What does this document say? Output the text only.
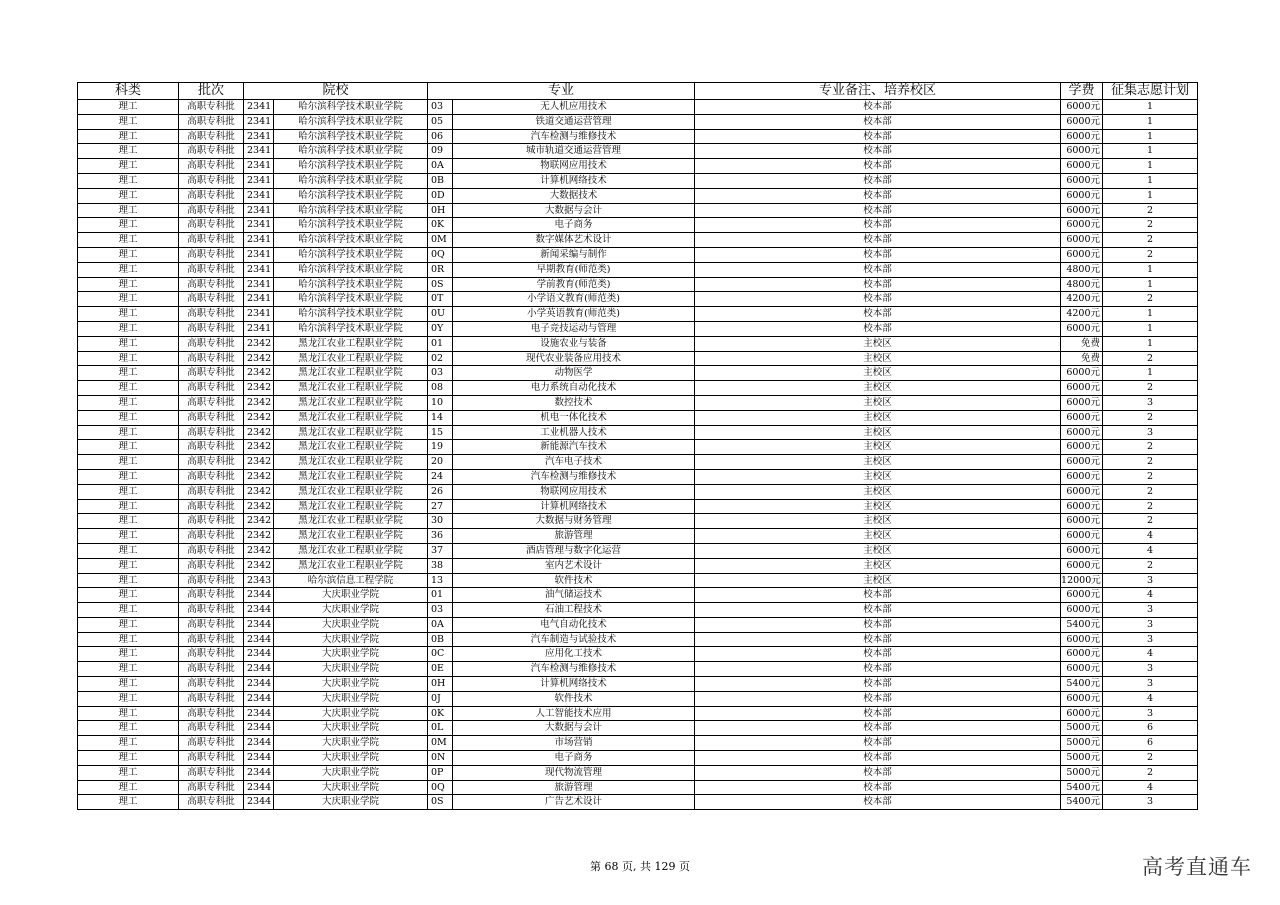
科类	批次	院校		专业		专业备注、培养校区	学费	征集志愿计划
理工	高职专科批	2341	哈尔滨科学技术职业学院	03	无人机应用技术	校本部	6000元	1
理工	高职专科批	2341	哈尔滨科学技术职业学院	05	铁道交通运营管理	校本部	6000元	1
理工	高职专科批	2341	哈尔滨科学技术职业学院	06	汽车检测与维修技术	校本部	6000元	1
理工	高职专科批	2341	哈尔滨科学技术职业学院	09	城市轨道交通运营管理	校本部	6000元	1
理工	高职专科批	2341	哈尔滨科学技术职业学院	0A	物联网应用技术	校本部	6000元	1
理工	高职专科批	2341	哈尔滨科学技术职业学院	0B	计算机网络技术	校本部	6000元	1
理工	高职专科批	2341	哈尔滨科学技术职业学院	0D	大数据技术	校本部	6000元	1
理工	高职专科批	2341	哈尔滨科学技术职业学院	0H	大数据与会计	校本部	6000元	2
理工	高职专科批	2341	哈尔滨科学技术职业学院	0K	电子商务	校本部	6000元	2
理工	高职专科批	2341	哈尔滨科学技术职业学院	0M	数字媒体艺术设计	校本部	6000元	2
理工	高职专科批	2341	哈尔滨科学技术职业学院	0Q	新闻采编与制作	校本部	6000元	2
理工	高职专科批	2341	哈尔滨科学技术职业学院	0R	早期教育(师范类)	校本部	4800元	1
理工	高职专科批	2341	哈尔滨科学技术职业学院	0S	学前教育(师范类)	校本部	4800元	1
理工	高职专科批	2341	哈尔滨科学技术职业学院	0T	小学语文教育(师范类)	校本部	4200元	2
理工	高职专科批	2341	哈尔滨科学技术职业学院	0U	小学英语教育(师范类)	校本部	4200元	1
理工	高职专科批	2341	哈尔滨科学技术职业学院	0Y	电子竞技运动与管理	校本部	6000元	1
理工	高职专科批	2342	黑龙江农业工程职业学院	01	设施农业与装备	主校区	免费	1
理工	高职专科批	2342	黑龙江农业工程职业学院	02	现代农业装备应用技术	主校区	免费	2
理工	高职专科批	2342	黑龙江农业工程职业学院	03	动物医学	主校区	6000元	1
理工	高职专科批	2342	黑龙江农业工程职业学院	08	电力系统自动化技术	主校区	6000元	2
理工	高职专科批	2342	黑龙江农业工程职业学院	10	数控技术	主校区	6000元	3
理工	高职专科批	2342	黑龙江农业工程职业学院	14	机电一体化技术	主校区	6000元	2
理工	高职专科批	2342	黑龙江农业工程职业学院	15	工业机器人技术	主校区	6000元	3
理工	高职专科批	2342	黑龙江农业工程职业学院	19	新能源汽车技术	主校区	6000元	2
理工	高职专科批	2342	黑龙江农业工程职业学院	20	汽车电子技术	主校区	6000元	2
理工	高职专科批	2342	黑龙江农业工程职业学院	24	汽车检测与维修技术	主校区	6000元	2
理工	高职专科批	2342	黑龙江农业工程职业学院	26	物联网应用技术	主校区	6000元	2
理工	高职专科批	2342	黑龙江农业工程职业学院	27	计算机网络技术	主校区	6000元	2
理工	高职专科批	2342	黑龙江农业工程职业学院	30	大数据与财务管理	主校区	6000元	2
理工	高职专科批	2342	黑龙江农业工程职业学院	36	旅游管理	主校区	6000元	4
理工	高职专科批	2342	黑龙江农业工程职业学院	37	酒店管理与数字化运营	主校区	6000元	4
理工	高职专科批	2342	黑龙江农业工程职业学院	38	室内艺术设计	主校区	6000元	2
理工	高职专科批	2343	哈尔滨信息工程学院	13	软件技术	主校区	12000元	3
理工	高职专科批	2344	大庆职业学院	01	油气储运技术	校本部	6000元	4
理工	高职专科批	2344	大庆职业学院	03	石油工程技术	校本部	6000元	3
理工	高职专科批	2344	大庆职业学院	0A	电气自动化技术	校本部	5400元	3
理工	高职专科批	2344	大庆职业学院	0B	汽车制造与试验技术	校本部	6000元	3
理工	高职专科批	2344	大庆职业学院	0C	应用化工技术	校本部	6000元	4
理工	高职专科批	2344	大庆职业学院	0E	汽车检测与维修技术	校本部	6000元	3
理工	高职专科批	2344	大庆职业学院	0H	计算机网络技术	校本部	5400元	3
理工	高职专科批	2344	大庆职业学院	0J	软件技术	校本部	6000元	4
理工	高职专科批	2344	大庆职业学院	0K	人工智能技术应用	校本部	6000元	3
理工	高职专科批	2344	大庆职业学院	0L	大数据与会计	校本部	5000元	6
理工	高职专科批	2344	大庆职业学院	0M	市场营销	校本部	5000元	6
理工	高职专科批	2344	大庆职业学院	0N	电子商务	校本部	5000元	2
理工	高职专科批	2344	大庆职业学院	0P	现代物流管理	校本部	5000元	2
理工	高职专科批	2344	大庆职业学院	0Q	旅游管理	校本部	5400元	4
理工	高职专科批	2344	大庆职业学院	0S	广告艺术设计	校本部	5400元	3
第 68 页, 共 129 页	高考直通车
